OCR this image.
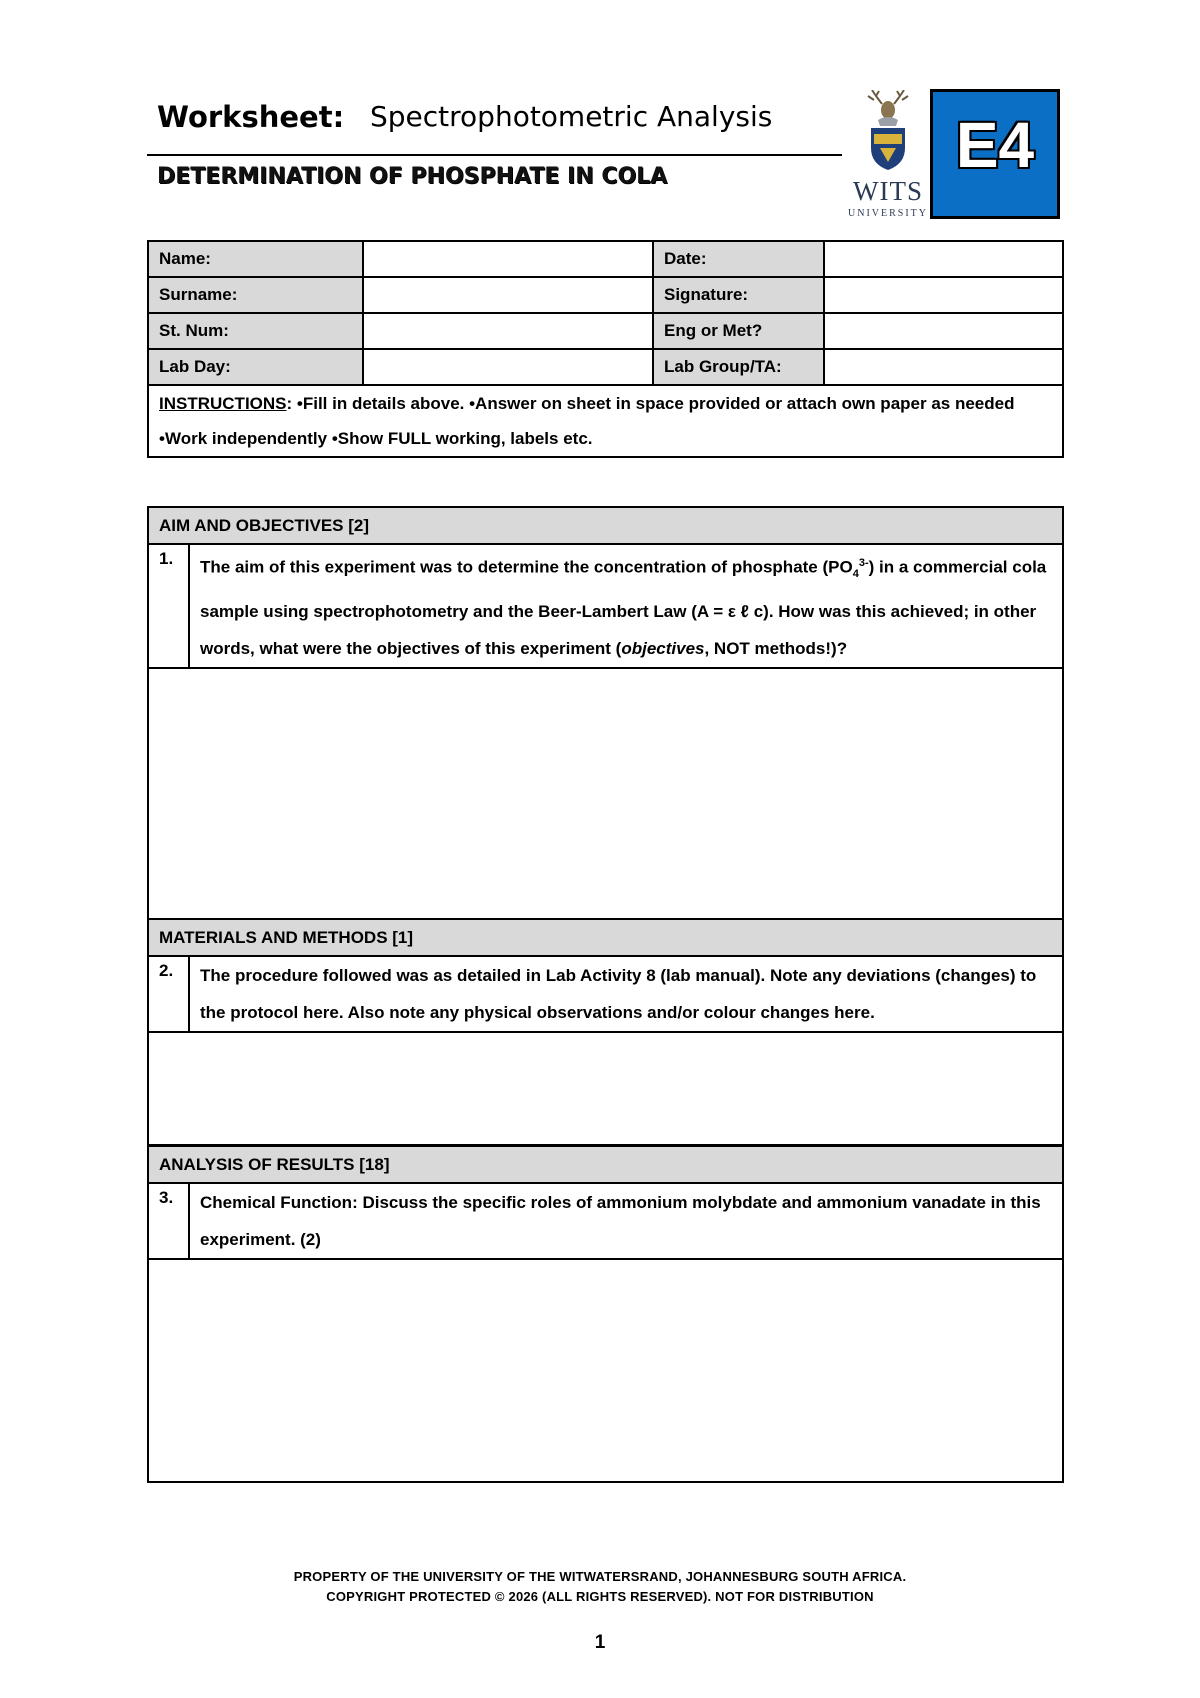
Worksheet: Spectrophotometric Analysis
DETERMINATION OF PHOSPHATE IN COLA	WITS
UNIVERSITY
E4
Name:		Date:	
Surname:		Signature:	
St. Num:		Eng or Met?	
Lab Day:		Lab Group/TA:	
INSTRUCTIONS: •Fill in details above. •Answer on sheet in space provided or attach own paper as needed •Work independently •Show FULL working, labels etc.			
AIM AND OBJECTIVES [2]
1.	The aim of this experiment was to determine the concentration of phosphate $(PO_4^{3-})$ in a commercial cola sample using spectrophotometry and the Beer-Lambert Law (A = ε ℓ c). How was this achieved; in other words, what were the objectives of this experiment (objectives, NOT methods!)?

MATERIALS AND METHODS [1]
2.	The procedure followed was as detailed in Lab Activity 8 (lab manual). Note any deviations (changes) to the protocol here. Also note any physical observations and/or colour changes here.

ANALYSIS OF RESULTS [18]
3.	Chemical Function: Discuss the specific roles of ammonium molybdate and ammonium vanadate in this experiment. (2)

PROPERTY OF THE UNIVERSITY OF THE WITWATERSRAND, JOHANNESBURG SOUTH AFRICA.
COPYRIGHT PROTECTED © 2026 (ALL RIGHTS RESERVED). NOT FOR DISTRIBUTION
1
